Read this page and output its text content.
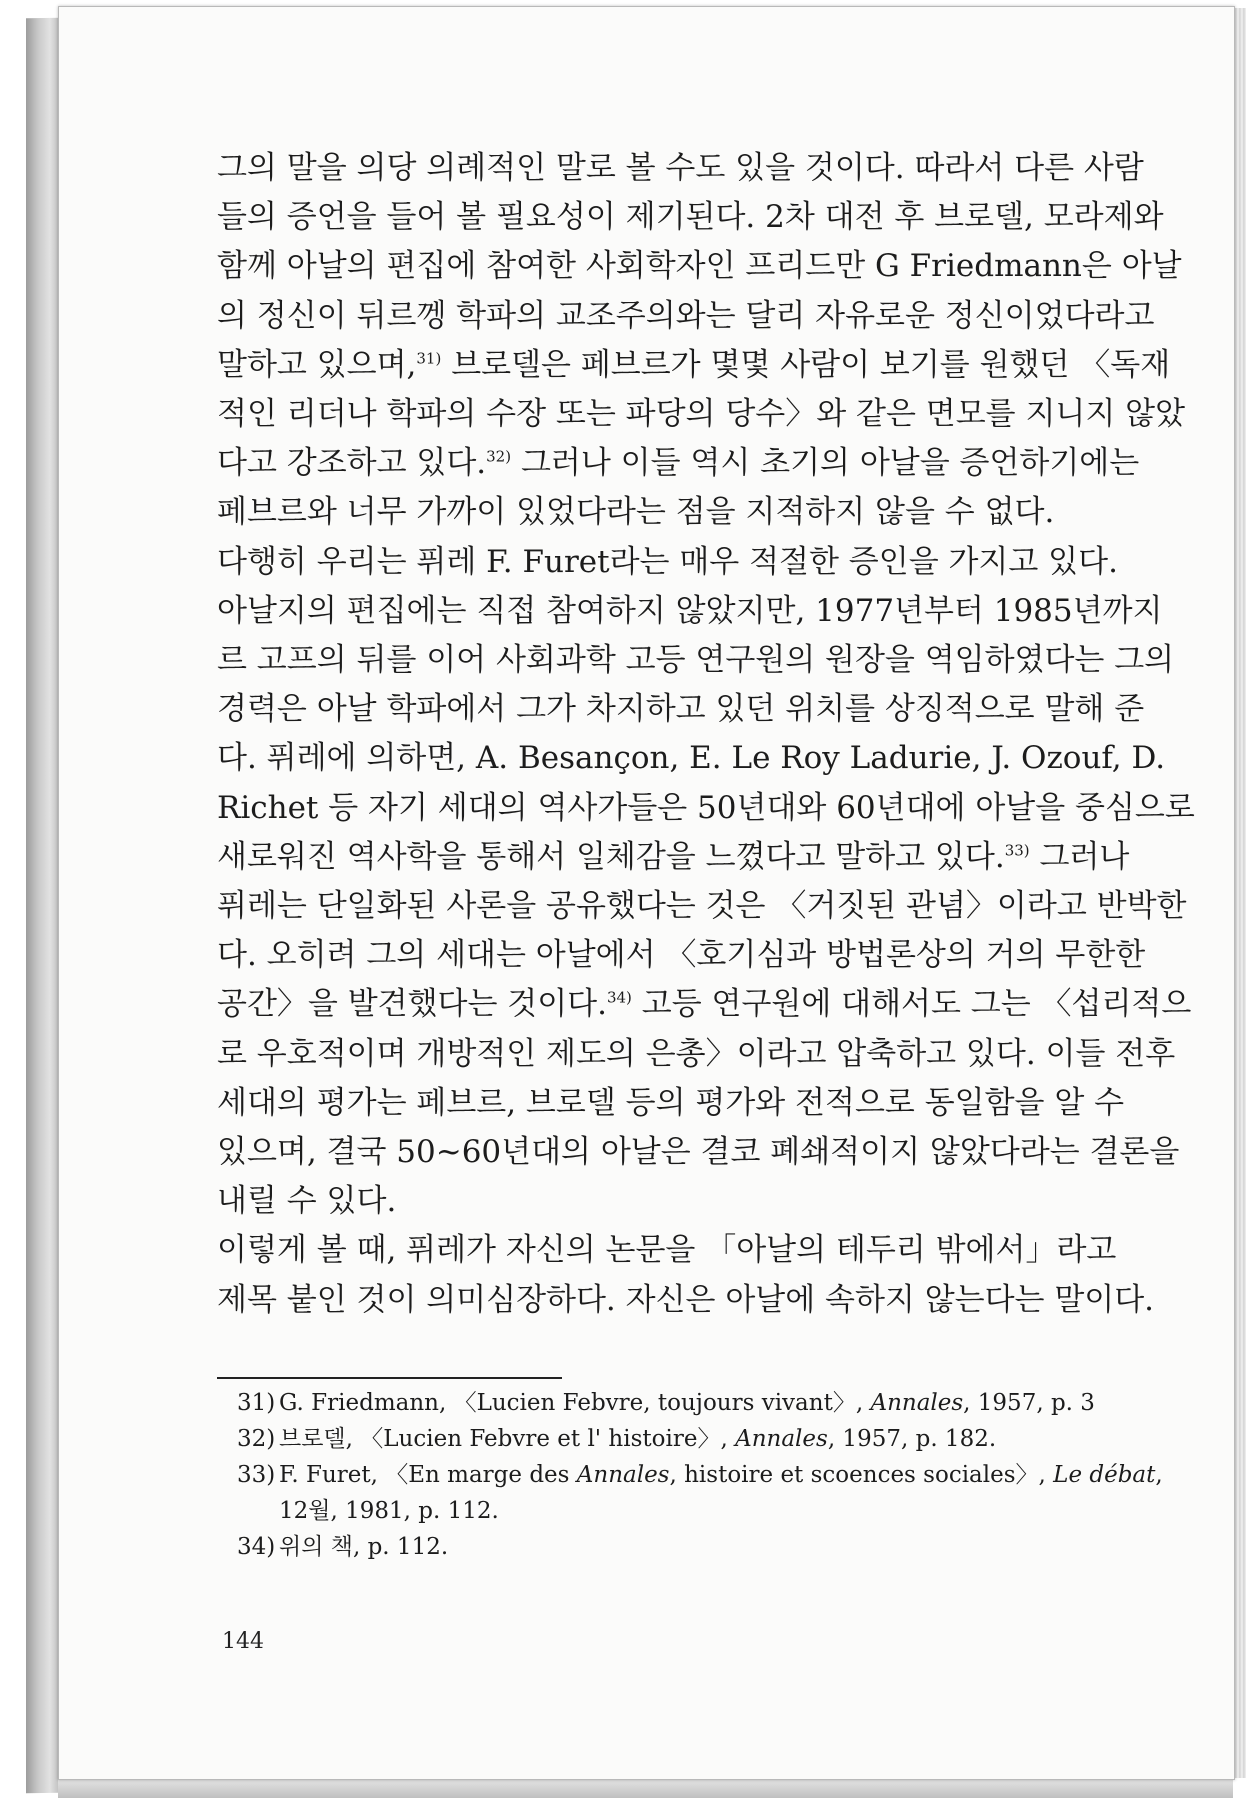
그의 말을 의당 의례적인 말로 볼 수도 있을 것이다. 따라서 다른 사람
들의 증언을 들어 볼 필요성이 제기된다. 2차 대전 후 브로델, 모라제와
함께 아날의 편집에 참여한 사회학자인 프리드만 G Friedmann은 아날
의 정신이 뒤르껭 학파의 교조주의와는 달리 자유로운 정신이었다라고
말하고 있으며,$^{31)}$ 브로델은 페브르가 몇몇 사람이 보기를 원했던 〈독재
적인 리더나 학파의 수장 또는 파당의 당수〉와 같은 면모를 지니지 않았
다고 강조하고 있다.$^{32)}$ 그러나 이들 역시 초기의 아날을 증언하기에는
페브르와 너무 가까이 있었다라는 점을 지적하지 않을 수 없다.

다행히 우리는 퓌레 F. Furet라는 매우 적절한 증인을 가지고 있다.
아날지의 편집에는 직접 참여하지 않았지만, 1977년부터 1985년까지
르 고프의 뒤를 이어 사회과학 고등 연구원의 원장을 역임하였다는 그의
경력은 아날 학파에서 그가 차지하고 있던 위치를 상징적으로 말해 준
다. 퓌레에 의하면, A. Besançon, E. Le Roy Ladurie, J. Ozouf, D.
Richet 등 자기 세대의 역사가들은 50년대와 60년대에 아날을 중심으로
새로워진 역사학을 통해서 일체감을 느꼈다고 말하고 있다.$^{33)}$ 그러나
퓌레는 단일화된 사론을 공유했다는 것은 〈거짓된 관념〉이라고 반박한
다. 오히려 그의 세대는 아날에서 〈호기심과 방법론상의 거의 무한한
공간〉을 발견했다는 것이다.$^{34)}$ 고등 연구원에 대해서도 그는 〈섭리적으
로 우호적이며 개방적인 제도의 은총〉이라고 압축하고 있다. 이들 전후
세대의 평가는 페브르, 브로델 등의 평가와 전적으로 동일함을 알 수
있으며, 결국 50~60년대의 아날은 결코 폐쇄적이지 않았다라는 결론을
내릴 수 있다.

이렇게 볼 때, 퓌레가 자신의 논문을 「아날의 테두리 밖에서」라고
제목 붙인 것이 의미심장하다. 자신은 아날에 속하지 않는다는 말이다.

31) G. Friedmann, 〈Lucien Febvre, toujours vivant〉, Annales, 1957, p. 3
32) 브로델, 〈Lucien Febvre et l' histoire〉, Annales, 1957, p. 182.
33) F. Furet, 〈En marge des Annales, histoire et scoences sociales〉, Le débat,
12월, 1981, p. 112.
34) 위의 책, p. 112.
144
